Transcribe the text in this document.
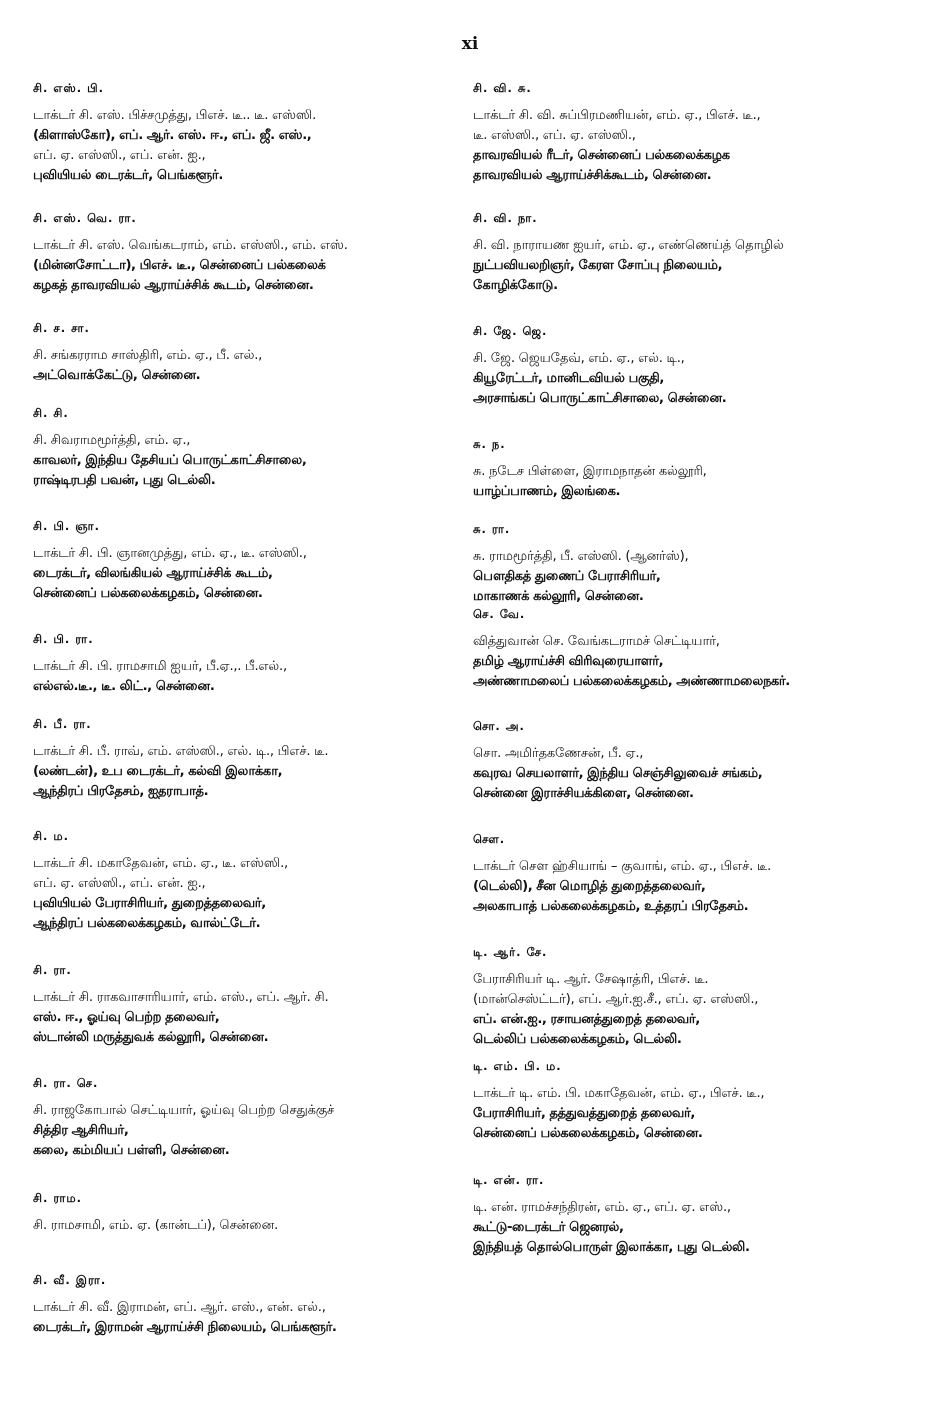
xi
சி. எஸ். பி.
டாக்டர் சி. எஸ். பிச்சமுத்து, பிஎச். டீ.. டீ. எஸ்ஸி.
(கிளாஸ்கோ), எப். ஆர். எஸ். ஈ., எப். ஜீ. எஸ்.,
எப். ஏ. எஸ்ஸி., எப். என். ஐ.,
புவியியல் டைரக்டர், பெங்களூர்.
சி. எஸ். வெ. ரா.
டாக்டர் சி. எஸ். வெங்கடராம், எம். எஸ்ஸி., எம். எஸ்.
(மின்னசோட்டா), பிஎச். டீ., சென்னைப் பல்கலைக்
கழகத் தாவரவியல் ஆராய்ச்சிக் கூடம், சென்னை.
சி. ச. சா.
சி. சங்கரராம சாஸ்திரி, எம். ஏ., பீ. எல்.,
அட்வொக்கேட்டு, சென்னை.
சி. சி.
சி. சிவராமமூர்த்தி, எம். ஏ.,
காவலர், இந்திய தேசியப் பொருட்காட்சிசாலை,
ராஷ்டிரபதி பவன், புது டெல்லி.
சி. பி. ஞா.
டாக்டர் சி. பி. ஞானமுத்து, எம். ஏ., டீ. எஸ்ஸி.,
டைரக்டர், விலங்கியல் ஆராய்ச்சிக் கூடம்,
சென்னைப் பல்கலைக்கழகம், சென்னை.
சி. பி. ரா.
டாக்டர் சி. பி. ராமசாமி ஐயர், பீ.ஏ.,. பீ.எல்.,
எல்எல்.டீ., டீ. லிட்., சென்னை.
சி. பீ. ரா.
டாக்டர் சி. பீ. ராவ், எம். எஸ்ஸி., எல். டி., பிஎச். டீ.
(லண்டன்), உப டைரக்டர், கல்வி இலாக்கா,
ஆந்திரப் பிரதேசம், ஐதராபாத்.
சி. ம.
டாக்டர் சி. மகாதேவன், எம். ஏ., டீ. எஸ்ஸி.,
எப். ஏ. எஸ்ஸி., எப். என். ஐ.,
புவியியல் பேராசிரியர், துறைத்தலைவர்,
ஆந்திரப் பல்கலைக்கழகம், வால்ட்டேர்.
சி. ரா.
டாக்டர் சி. ராகவாசாரியார், எம். எஸ்., எப். ஆர். சி.
எஸ். ஈ., ஓய்வு பெற்ற தலைவர்,
ஸ்டான்லி மருத்துவக் கல்லூரி, சென்னை.
சி. ரா. செ.
சி. ராஜகோபால் செட்டியார், ஓய்வு பெற்ற செதுக்குச்
சித்திர ஆசிரியர்,
கலை, கம்மியப் பள்ளி, சென்னை.
சி. ராம.
சி. ராமசாமி, எம். ஏ. (கான்டப்), சென்னை.
சி. வீ. இரா.
டாக்டர் சி. வீ. இராமன், எப். ஆர். எஸ்., என். எல்.,
டைரக்டர், இராமன் ஆராய்ச்சி நிலையம், பெங்களூர்.
சி. வி. சு.
டாக்டர் சி. வி. சுப்பிரமணியன், எம். ஏ., பிஎச். டீ.,
டீ. எஸ்ஸி., எப். ஏ. எஸ்ஸி.,
தாவரவியல் ரீடர், சென்னைப் பல்கலைக்கழக
தாவரவியல் ஆராய்ச்சிக்கூடம், சென்னை.
சி. வி. நா.
சி. வி. நாராயண ஐயர், எம். ஏ., எண்ணெய்த் தொழில்
நுட்பவியலறிஞர், கேரள சோப்பு நிலையம்,
கோழிக்கோடு.
சி. ஜே. ஜெ.
சி. ஜே. ஜெயதேவ், எம். ஏ., எல். டி.,
கியூரேட்டர், மானிடவியல் பகுதி,
அரசாங்கப் பொருட்காட்சிசாலை, சென்னை.
சு. ந.
சு. நடேச பிள்ளை, இராமநாதன் கல்லூரி,
யாழ்ப்பாணம், இலங்கை.
சு. ரா.
சு. ராமமூர்த்தி, பீ. எஸ்ஸி. (ஆனர்ஸ்),
பௌதிகத் துணைப் பேராசிரியர்,
மாகாணக் கல்லூரி, சென்னை.
செ. வே.
வித்துவான் செ. வேங்கடராமச் செட்டியார்,
தமிழ் ஆராய்ச்சி விரிவுரையாளர்,
அண்ணாமலைப் பல்கலைக்கழகம், அண்ணாமலைநகர்.
சொ. அ.
சொ. அமிர்தகணேசன், பீ. ஏ.,
கவுரவ செயலாளர், இந்திய செஞ்சிலுவைச் சங்கம்,
சென்னை இராச்சியக்கிளை, சென்னை.
சௌ.
டாக்டர் சௌ ஹ்சியாங் – குவாங், எம். ஏ., பிஎச். டீ.
(டெல்லி), சீன மொழித் துறைத்தலைவர்,
அலகாபாத் பல்கலைக்கழகம், உத்தரப் பிரதேசம்.
டி. ஆர். சே.
பேராசிரியர் டி. ஆர். சேஷாத்ரி, பிஎச். டீ.
(மான்செஸ்ட்டர்), எப். ஆர்.ஐ.சீ., எப். ஏ. எஸ்ஸி.,
எப். என்.ஐ., ரசாயனத்துறைத் தலைவர்,
டெல்லிப் பல்கலைக்கழகம், டெல்லி.
டி. எம். பி. ம.
டாக்டர் டி. எம். பி. மகாதேவன், எம். ஏ., பிஎச். டீ.,
பேராசிரியர், தத்துவத்துறைத் தலைவர்,
சென்னைப் பல்கலைக்கழகம், சென்னை.
டி. என். ரா.
டி. என். ராமச்சந்திரன், எம். ஏ., எப். ஏ. எஸ்.,
கூட்டு-டைரக்டர் ஜெனரல்,
இந்தியத் தொல்பொருள் இலாக்கா, புது டெல்லி.
